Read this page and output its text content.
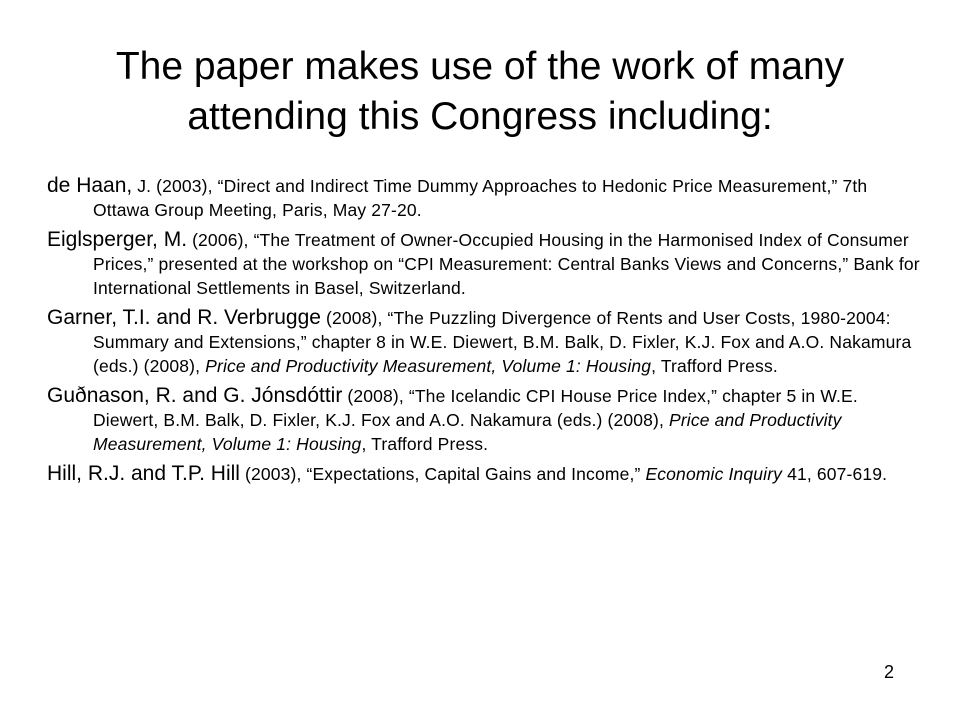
The paper makes use of the work of many attending this Congress including:
de Haan, J. (2003), “Direct and Indirect Time Dummy Approaches to Hedonic Price Measurement,” 7th Ottawa Group Meeting, Paris, May 27-20.
Eiglsperger, M. (2006), “The Treatment of Owner-Occupied Housing in the Harmonised Index of Consumer Prices,” presented at the workshop on “CPI Measurement: Central Banks Views and Concerns,” Bank for International Settlements in Basel, Switzerland.
Garner, T.I. and R. Verbrugge (2008), “The Puzzling Divergence of Rents and User Costs, 1980-2004: Summary and Extensions,” chapter 8 in W.E. Diewert, B.M. Balk, D. Fixler, K.J. Fox and A.O. Nakamura (eds.) (2008), Price and Productivity Measurement, Volume 1: Housing, Trafford Press.
Guðnason, R. and G. Jónsdóttir (2008), “The Icelandic CPI House Price Index,” chapter 5 in W.E. Diewert, B.M. Balk, D. Fixler, K.J. Fox and A.O. Nakamura (eds.) (2008), Price and Productivity Measurement, Volume 1: Housing, Trafford Press.
Hill, R.J. and T.P. Hill (2003), “Expectations, Capital Gains and Income,” Economic Inquiry 41, 607-619.
2
